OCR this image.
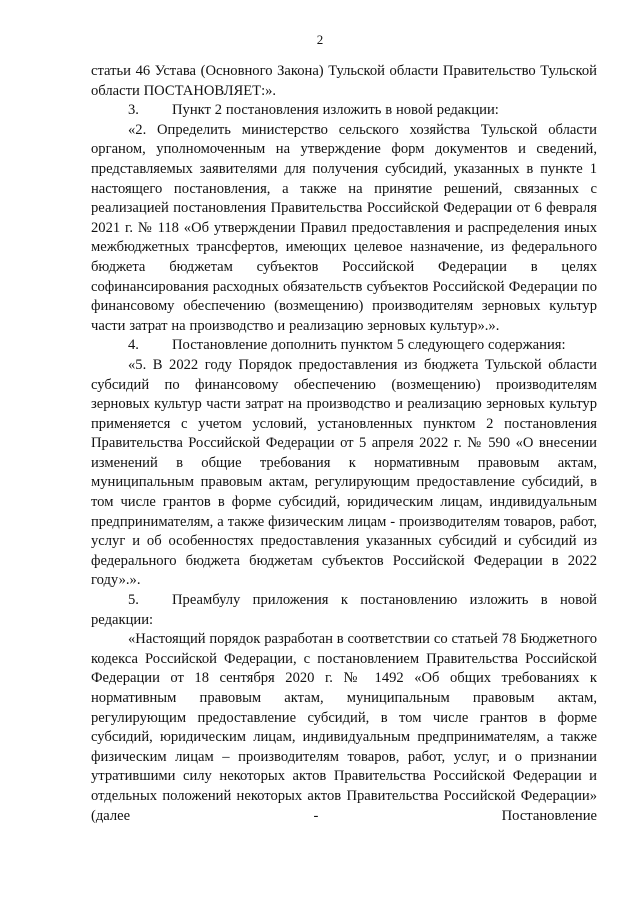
2

статьи 46 Устава (Основного Закона) Тульской области Правительство Тульской области ПОСТАНОВЛЯЕТ:».

3. Пункт 2 постановления изложить в новой редакции:

«2. Определить министерство сельского хозяйства Тульской области органом, уполномоченным на утверждение форм документов и сведений, представляемых заявителями для получения субсидий, указанных в пункте 1 настоящего постановления, а также на принятие решений, связанных с реализацией постановления Правительства Российской Федерации от 6 февраля 2021 г. № 118 «Об утверждении Правил предоставления и распределения иных межбюджетных трансфертов, имеющих целевое назначение, из федерального бюджета бюджетам субъектов Российской Федерации в целях софинансирования расходных обязательств субъектов Российской Федерации по финансовому обеспечению (возмещению) производителям зерновых культур части затрат на производство и реализацию зерновых культур».».

4. Постановление дополнить пунктом 5 следующего содержания:

«5. В 2022 году Порядок предоставления из бюджета Тульской области субсидий по финансовому обеспечению (возмещению) производителям зерновых культур части затрат на производство и реализацию зерновых культур применяется с учетом условий, установленных пунктом 2 постановления Правительства Российской Федерации от 5 апреля 2022 г. № 590 «О внесении изменений в общие требования к нормативным правовым актам, муниципальным правовым актам, регулирующим предоставление субсидий, в том числе грантов в форме субсидий, юридическим лицам, индивидуальным предпринимателям, а также физическим лицам - производителям товаров, работ, услуг и об особенностях предоставления указанных субсидий и субсидий из федерального бюджета бюджетам субъектов Российской Федерации в 2022 году».».

5. Преамбулу приложения к постановлению изложить в новой редакции:

«Настоящий порядок разработан в соответствии со статьей 78 Бюджетного кодекса Российской Федерации, с постановлением Правительства Российской Федерации от 18 сентября 2020 г. № 1492 «Об общих требованиях к нормативным правовым актам, муниципальным правовым актам, регулирующим предоставление субсидий, в том числе грантов в форме субсидий, юридическим лицам, индивидуальным предпринимателям, а также физическим лицам – производителям товаров, работ, услуг, и о признании утратившими силу некоторых актов Правительства Российской Федерации и отдельных положений некоторых актов Правительства Российской Федерации» (далее - Постановление
